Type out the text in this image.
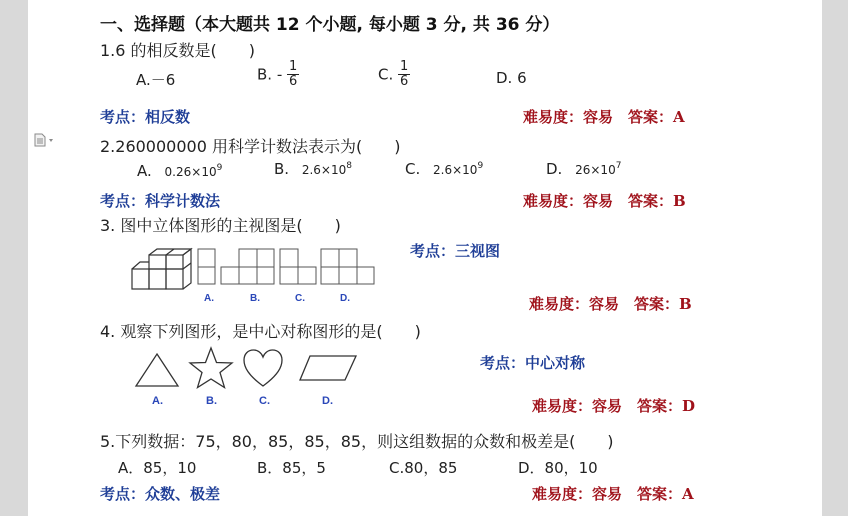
一、选择题（本大题共 12 个小题, 每小题 3 分, 共 36 分）
1.6 的相反数是(　　)
A.－6	B. - $\frac{1}{6}$	C. $\frac{1}{6}$	D. 6
考点：相反数	难易度：容易　答案：A
2.260000000 用科学计数法表示为(　　)
A. $0.26\times 10^9$	B. $2.6\times 10^8$	C. $2.6\times 10^9$	D. $26\times 10^7$
考点：科学计数法	难易度：容易　答案：B
3. 图中立体图形的主视图是(　　)
考点：三视图
A.	B.	C.	D.	难易度：容易　答案：B
4. 观察下列图形，是中心对称图形的是(　　)
考点：中心对称
A.	B.	C.	D.	难易度：容易　答案：D
5.下列数据：75，80，85，85，85，则这组数据的众数和极差是(　　)
A．85，10	B．85，5	C.80，85	D．80，10
考点：众数、极差	难易度：容易　答案：A
